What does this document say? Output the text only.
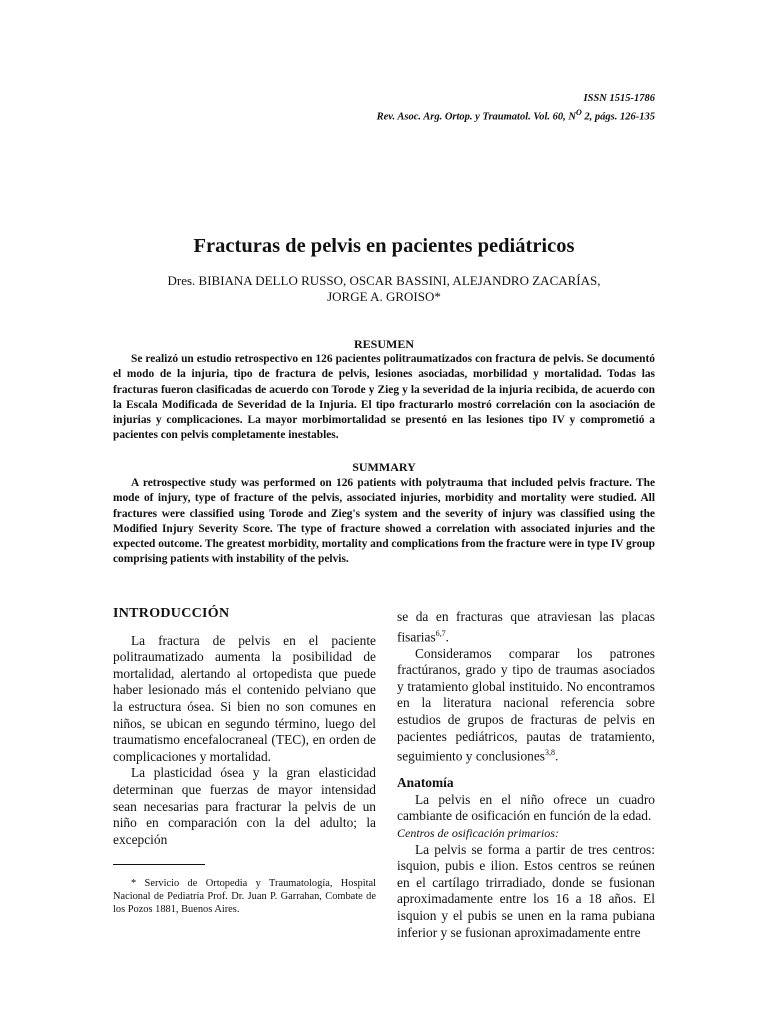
ISSN 1515-1786
Rev. Asoc. Arg. Ortop. y Traumatol. Vol. 60, $N^O$ 2, págs. 126-135
Fracturas de pelvis en pacientes pediátricos
Dres. BIBIANA DELLO RUSSO, OSCAR BASSINI, ALEJANDRO ZACARÍAS,
JORGE A. GROISO*
RESUMEN
Se realizó un estudio retrospectivo en 126 pacientes politraumatizados con fractura de pelvis. Se documentó el modo de la injuria, tipo de fractura de pelvis, lesiones asociadas, morbilidad y mortalidad. Todas las fracturas fueron clasificadas de acuerdo con Torode y Zieg y la severidad de la injuria recibida, de acuerdo con la Escala Modificada de Severidad de la Injuria. El tipo fracturarlo mostró correlación con la asociación de injurias y complicaciones. La mayor morbimortalidad se presentó en las lesiones tipo IV y comprometió a pacientes con pelvis completamente inestables.
SUMMARY
A retrospective study was performed on 126 patients with polytrauma that included pelvis fracture. The mode of injury, type of fracture of the pelvis, associated injuries, morbidity and mortality were studied. All fractures were classified using Torode and Zieg's system and the severity of injury was classified using the Modified Injury Severity Score. The type of fracture showed a correlation with associated injuries and the expected outcome. The greatest morbidity, mortality and complications from the fracture were in type IV group comprising patients with instability of the pelvis.
INTRODUCCIÓN

La fractura de pelvis en el paciente politraumatizado aumenta la posibilidad de mortalidad, alertando al ortopedista que puede haber lesionado más el contenido pelviano que la estructura ósea. Si bien no son comunes en niños, se ubican en segundo término, luego del traumatismo encefalocraneal (TEC), en orden de complicaciones y mortalidad.

La plasticidad ósea y la gran elasticidad determinan que fuerzas de mayor intensidad sean necesarias para fracturar la pelvis de un niño en comparación con la del adulto; la excepción

se da en fracturas que atraviesan las placas fisarias$^{6,7}$.

Consideramos comparar los patrones fractúranos, grado y tipo de traumas asociados y tratamiento global instituido. No encontramos en la literatura nacional referencia sobre estudios de grupos de fracturas de pelvis en pacientes pediátricos, pautas de tratamiento, seguimiento y conclusiones$^{3,8}$.

Anatomía

La pelvis en el niño ofrece un cuadro cambiante de osificación en función de la edad.

Centros de osificación primarios:

La pelvis se forma a partir de tres centros: isquion, pubis e ilion. Estos centros se reúnen en el cartílago trirradiado, donde se fusionan aproximadamente entre los 16 a 18 años. El isquion y el pubis se unen en la rama pubiana inferior y se fusionan aproximadamente entre

* Servicio de Ortopedia y Traumatología, Hospital Nacional de Pediatría Prof. Dr. Juan P. Garrahan, Combate de los Pozos 1881, Buenos Aires.
